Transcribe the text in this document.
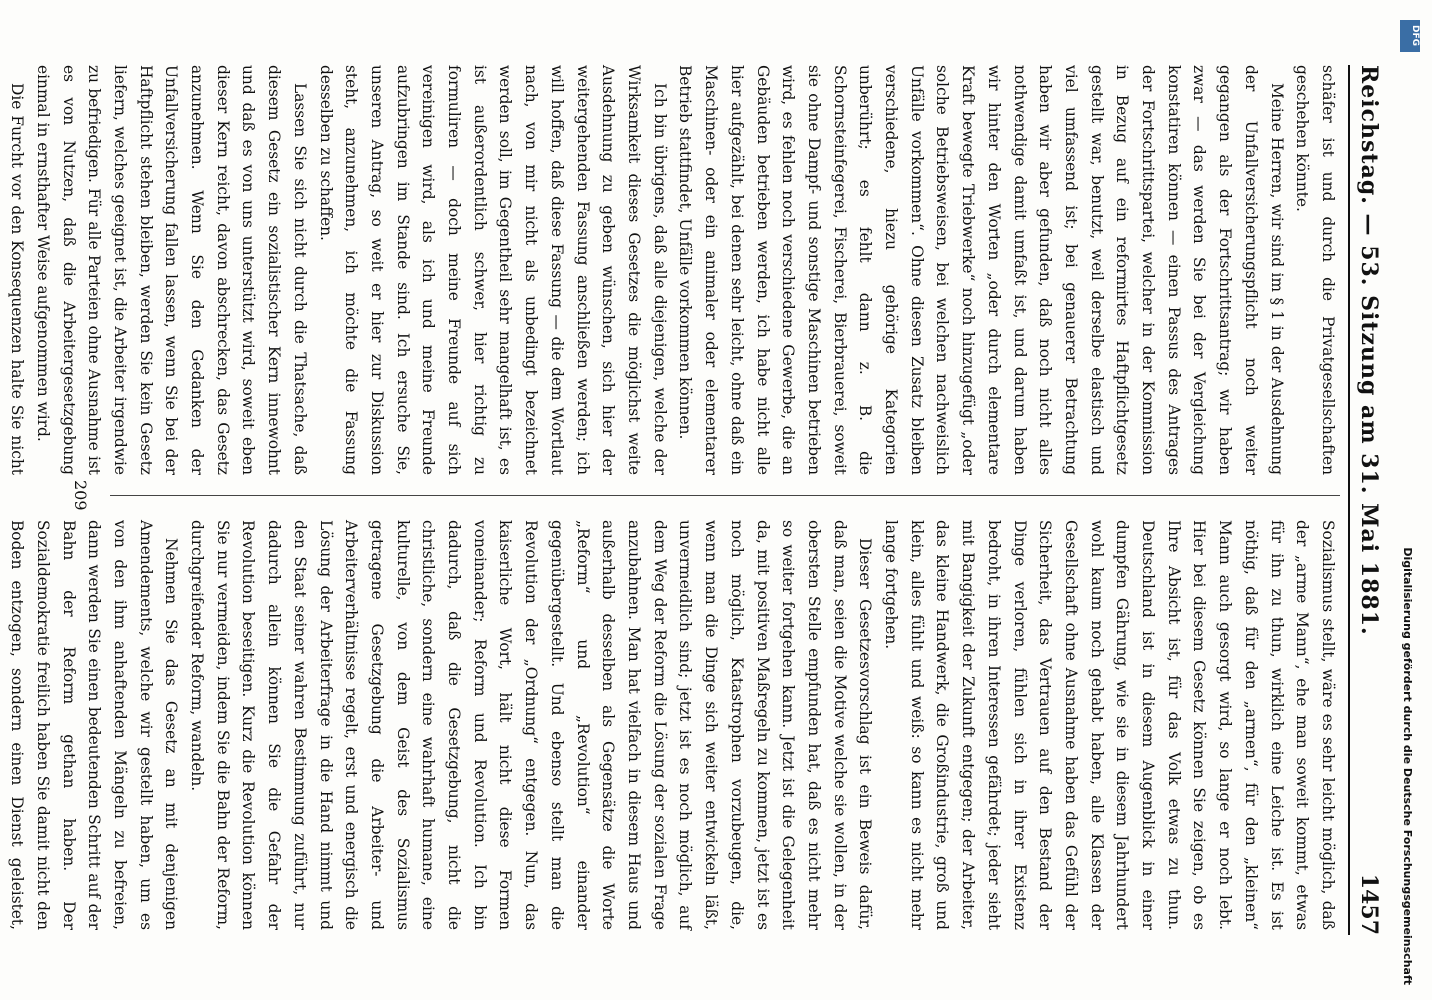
Reichstag. — 53. Sitzung am 31. Mai 1881.
1457

schäfer ist und durch die Privatgesellschaften geschehen könnte.

Meine Herren, wir sind im § 1 in der Ausdehnung der Unfallversicherungspflicht noch weiter gegangen als der Fortschrittsantrag; wir haben zwar — das werden Sie bei der Vergleichung konstatiren können — einen Passus des Antrages der Fortschrittspartei, welcher in der Kommission in Bezug auf ein reformirtes Haftpflichtgesetz gestellt war, benutzt, weil derselbe elastisch und viel umfassend ist; bei genauerer Betrachtung haben wir aber gefunden, daß noch nicht alles nothwendige damit umfaßt ist, und darum haben wir hinter den Worten „oder durch elementare Kraft bewegte Triebwerke“ noch hinzugefügt „oder solche Betriebsweisen, bei welchen nachweislich Unfälle vorkommen“. Ohne diesen Zusatz bleiben verschiedene, hiezu gehörige Kategorien unberührt; es fehlt dann z. B. die Schornsteinfegerei, Fischerei, Bierbrauerei, soweit sie ohne Dampf- und sonstige Maschinen betrieben wird, es fehlen noch verschiedene Gewerbe, die an Gebäuden betrieben werden, ich habe nicht alle hier aufgezählt, bei denen sehr leicht, ohne daß ein Maschinen- oder ein animaler oder elementarer Betrieb stattfindet, Unfälle vorkommen können.

Ich bin übrigens, daß alle diejenigen, welche der Wirksamkeit dieses Gesetzes die möglichst weite Ausdehnung zu geben wünschen, sich hier der weitergehenden Fassung anschließen werden; ich will hoffen, daß diese Fassung — die dem Wortlaut nach, von mir nicht als unbedingt bezeichnet werden soll, im Gegentheil sehr mangelhaft ist, es ist außerordentlich schwer, hier richtig zu formuliren — doch meine Freunde auf sich vereinigen wird, als ich und meine Freunde aufzubringen im Stande sind. Ich ersuche Sie, unseren Antrag, so weit er hier zur Diskussion steht, anzunehmen, ich möchte die Fassung desselben zu schaffen.

Lassen Sie sich nicht durch die Thatsache, daß diesem Gesetz ein sozialistischer Kern innewohnt und daß es von uns unterstützt wird, soweit eben dieser Kern reicht, davon abschrecken, das Gesetz anzunehmen. Wenn Sie den Gedanken der Unfallversicherung fallen lassen, wenn Sie bei der Haftpflicht stehen bleiben, werden Sie kein Gesetz liefern, welches geeignet ist, die Arbeiter irgendwie zu befriedigen. Für alle Parteien ohne Ausnahme ist es von Nutzen, daß die Arbeitergesetzgebung einmal in ernsthafter Weise aufgenommen wird.

Die Furcht vor den Konsequenzen halte Sie nicht

Sozialismus stellt, wäre es sehr leicht möglich, daß der „arme Mann“, ehe man soweit kommt, etwas für ihn zu thun, wirklich eine Leiche ist. Es ist nöthig, daß für den „armen“, für den „kleinen“ Mann auch gesorgt wird, so lange er noch lebt. Hier bei diesem Gesetz können Sie zeigen, ob es Ihre Absicht ist, für das Volk etwas zu thun. Deutschland ist in diesem Augenblick in einer dumpfen Gährung, wie sie in diesem Jahrhundert wohl kaum noch gehabt haben, alle Klassen der Gesellschaft ohne Ausnahme haben das Gefühl der Sicherheit, das Vertrauen auf den Bestand der Dinge verloren, fühlen sich in ihrer Existenz bedroht, in ihren Interessen gefährdet; jeder sieht mit Bangigkeit der Zukunft entgegen; der Arbeiter, das kleine Handwerk, die Großindustrie, groß und klein, alles fühlt und weiß: so kann es nicht mehr lange fortgehen.

Dieser Gesetzesvorschlag ist ein Beweis dafür, daß man, seien die Motive welche sie wollen, in der obersten Stelle empfunden hat, daß es nicht mehr so weiter fortgehen kann. Jetzt ist die Gelegenheit da, mit positiven Maßregeln zu kommen, jetzt ist es noch möglich, Katastrophen vorzubeugen, die, wenn man die Dinge sich weiter entwickeln läßt, unvermeidlich sind; jetzt ist es noch möglich, auf dem Weg der Reform die Lösung der sozialen Frage anzubahnen. Man hat vielfach in diesem Haus und außerhalb desselben als Gegensätze die Worte „Reform“ und „Revolution“ einander gegenübergestellt. Und ebenso stellt man die Revolution der „Ordnung“ entgegen. Nun, das kaiserliche Wort, hält nicht diese Formen voneinander; Reform und Revolution. Ich bin dadurch, daß die Gesetzgebung, nicht die christliche, sondern eine wahrhaft humane, eine kulturelle, von dem Geist des Sozialismus getragene Gesetzgebung die Arbeiter- und Arbeiterverhältnisse regelt, erst und energisch die Lösung der Arbeiterfrage in die Hand nimmt und den Staat seiner wahren Bestimmung zuführt, nur dadurch allein können Sie die Gefahr der Revolution beseitigen. Kurz die Revolution können Sie nur vermeiden, indem Sie die Bahn der Reform, durchgreifender Reform, wandeln.

Nehmen Sie das Gesetz an mit denjenigen Amendements, welche wir gestellt haben, um es von den ihm anhaftenden Mängeln zu befreien, dann werden Sie einen bedeutenden Schritt auf der Bahn der Reform gethan haben. Der Sozialdemokratie freilich haben Sie damit nicht den Boden entzogen, sondern einen Dienst geleistet,

209
Digitalisierung gefördert durch die Deutsche Forschungsgemeinschaft
DFG
